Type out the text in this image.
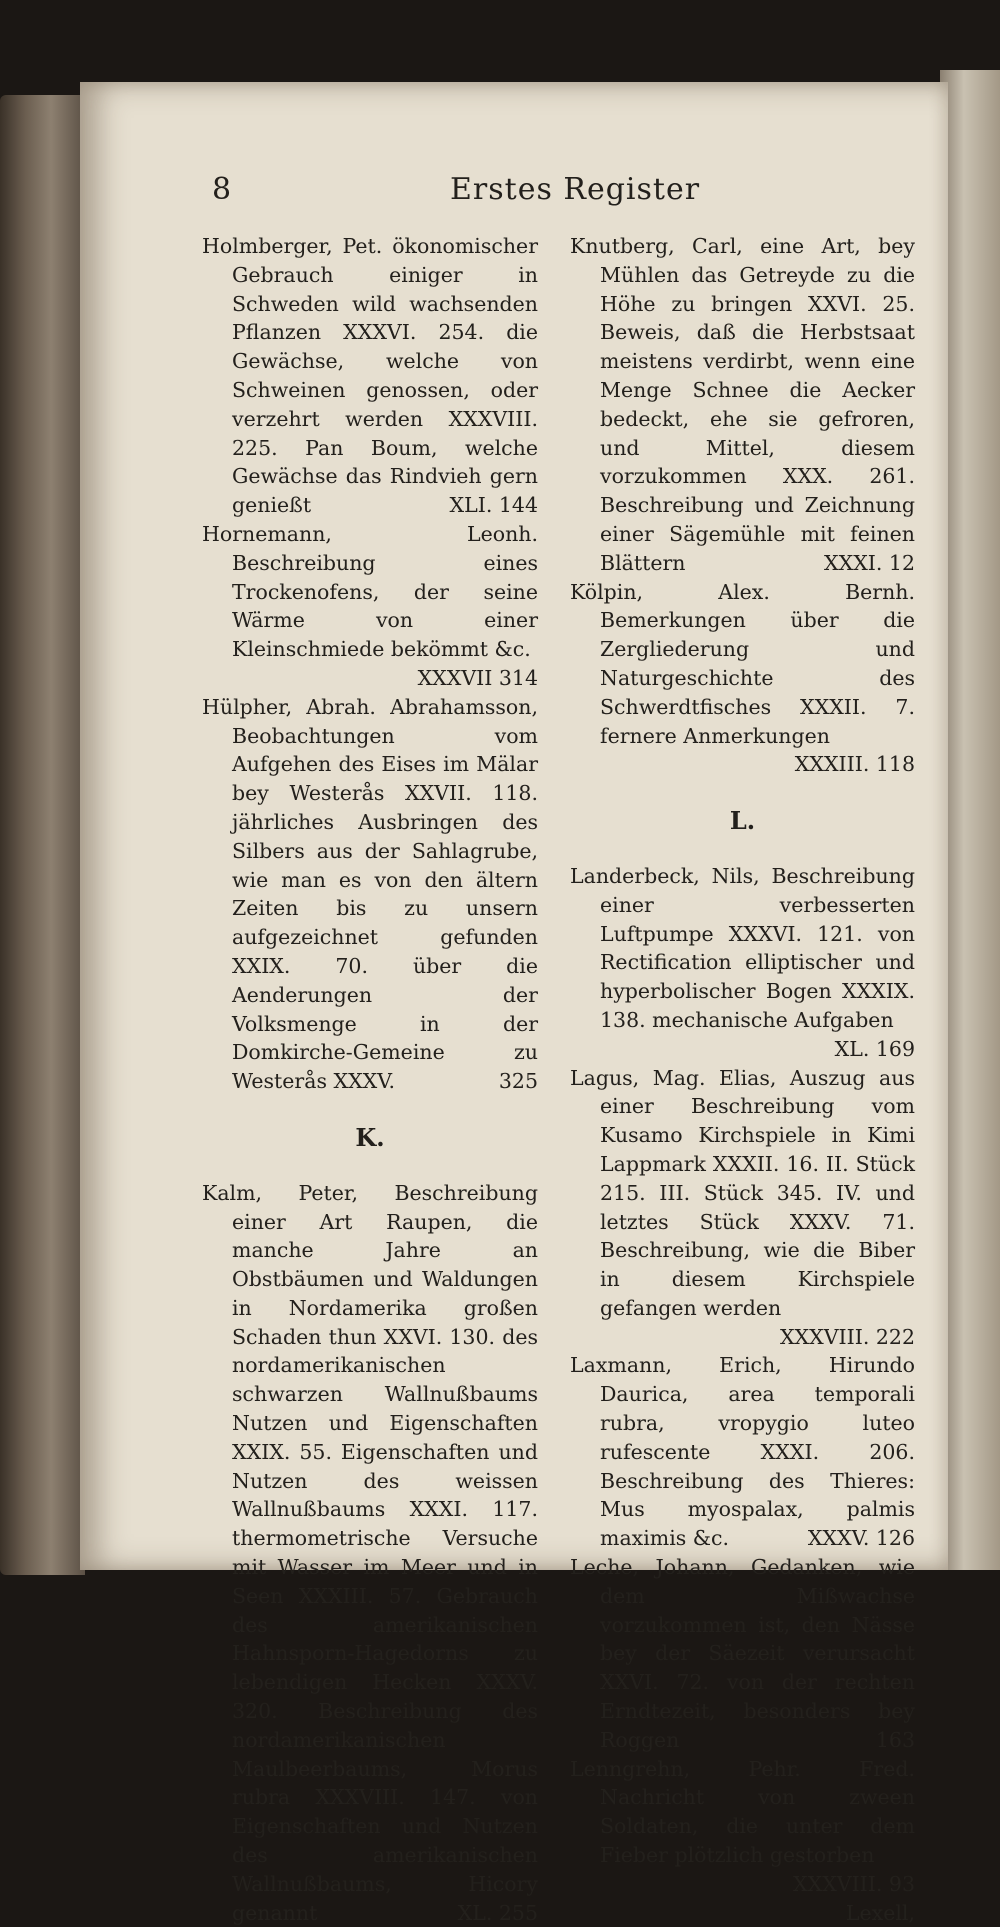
8	Erstes Register

Holmberger, Pet. ökonomischer Gebrauch einiger in Schweden wild wachsenden Pflanzen XXXVI. 254. die Gewächse, welche von Schweinen genossen, oder verzehrt werden XXXVIII. 225. Pan Boum, welche Gewächse das Rindvieh gern genießt	XLI. 144

Hornemann, Leonh. Beschreibung eines Trockenofens, der seine Wärme von einer Kleinschmiede bekömmt &c.
XXXVII 314

Hülpher, Abrah. Abrahamsson, Beobachtungen vom Aufgehen des Eises im Mälar bey Westerås XXVII. 118. jährliches Ausbringen des Silbers aus der Sahlagrube, wie man es von den ältern Zeiten bis zu unsern aufgezeichnet gefunden XXIX. 70. über die Aenderungen der Volksmenge in der Domkirche-Gemeine zu Westerås XXXV.	325

K.

Kalm, Peter, Beschreibung einer Art Raupen, die manche Jahre an Obstbäumen und Waldungen in Nordamerika großen Schaden thun XXVI. 130. des nordamerikanischen schwarzen Wallnußbaums Nutzen und Eigenschaften XXIX. 55. Eigenschaften und Nutzen des weissen Wallnußbaums XXXI. 117. thermometrische Versuche mit Wasser im Meer und in Seen XXXIII. 57. Gebrauch des amerikanischen Hahnsporn-Hagedorns zu lebendigen Hecken XXXV. 320. Beschreibung des nordamerikanischen Maulbeerbaums, Morus rubra XXXVIII. 147. von Eigenschaften und Nutzen des amerikanischen Wallnußbaums, Hicory genannt	XL. 255

Knutberg, Carl, eine Art, bey Mühlen das Getreyde zu die Höhe zu bringen XXVI. 25. Beweis, daß die Herbstsaat meistens verdirbt, wenn eine Menge Schnee die Aecker bedeckt, ehe sie gefroren, und Mittel, diesem vorzukommen XXX. 261. Beschreibung und Zeichnung einer Sägemühle mit feinen Blättern	XXXI. 12

Kölpin, Alex. Bernh. Bemerkungen über die Zergliederung und Naturgeschichte des Schwerdtfisches XXXII. 7. fernere Anmerkungen
XXXIII. 118

L.

Landerbeck, Nils, Beschreibung einer verbesserten Luftpumpe XXXVI. 121. von Rectification elliptischer und hyperbolischer Bogen XXXIX. 138. mechanische Aufgaben
XL. 169

Lagus, Mag. Elias, Auszug aus einer Beschreibung vom Kusamo Kirchspiele in Kimi Lappmark XXXII. 16. II. Stück 215. III. Stück 345. IV. und letztes Stück XXXV. 71. Beschreibung, wie die Biber in diesem Kirchspiele gefangen werden
XXXVIII. 222

Laxmann, Erich, Hirundo Daurica, area temporali rubra, vropygio luteo rufescente XXXI. 206. Beschreibung des Thieres: Mus myospalax, palmis maximis &c.	XXXV. 126

Leche, Johann, Gedanken, wie dem Mißwachse vorzukommen ist, den Nässe bey der Säezeit verursacht XXVI. 72. von der rechten Erndtezeit, besonders bey Roggen	163

Lenngrehn, Pehr. Fred. Nachricht von zween Soldaten, die unter dem Fieber plötzlich gestorben
XXXVIII. 93

Lexell,
